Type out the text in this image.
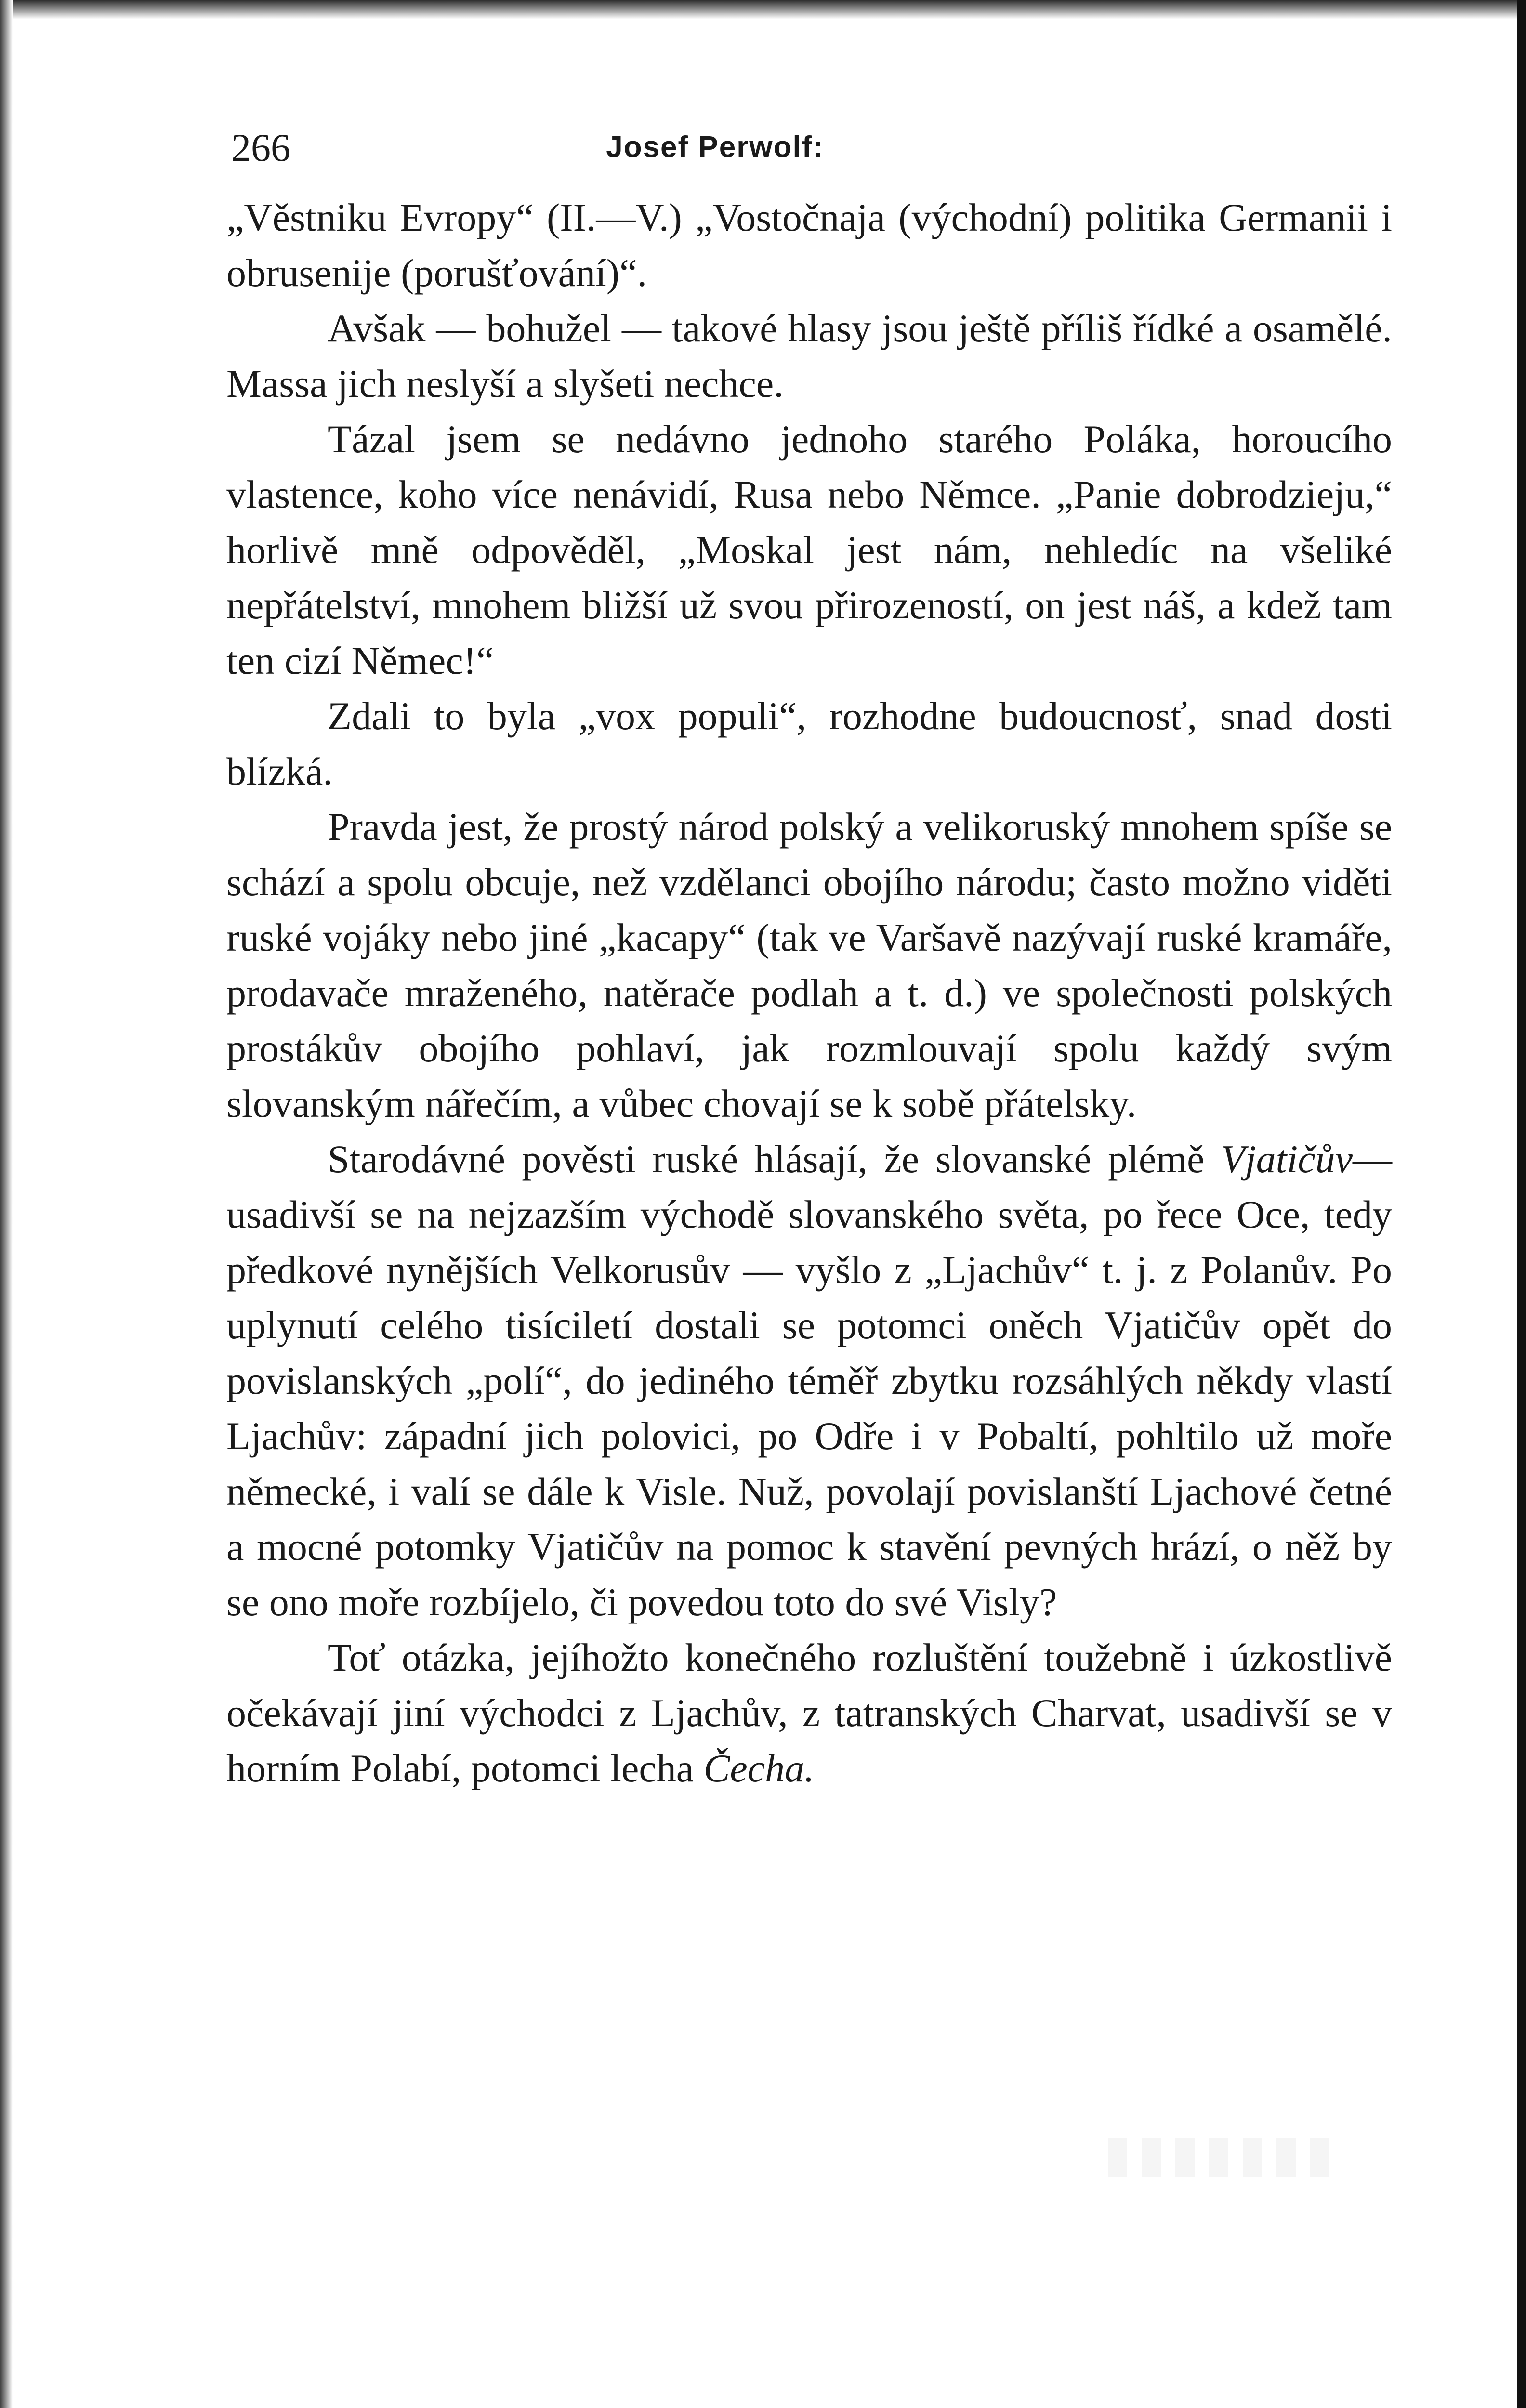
266	Josef Perwolf:

„Věstniku Evropy“ (II.—V.) „Vostočnaja (východní) politika Germanii i obrusenije (porušťování)“.

Avšak — bohužel — takové hlasy jsou ještě příliš řídké a osamělé. Massa jich neslyší a slyšeti nechce.

Tázal jsem se nedávno jednoho starého Poláka, horoucího vlastence, koho více nenávidí, Rusa nebo Němce. „Panie dobrodzieju,“ horlivě mně odpověděl, „Moskal jest nám, nehledíc na všeliké nepřátelství, mnohem bližší už svou přirozeností, on jest náš, a kdež tam ten cizí Němec!“

Zdali to byla „vox populi“, rozhodne budoucnosť, snad dosti blízká.

Pravda jest, že prostý národ polský a velikoruský mnohem spíše se schází a spolu obcuje, než vzdělanci obojího národu; často možno viděti ruské vojáky nebo jiné „kacapy“ (tak ve Varšavě nazývají ruské kramáře, prodavače mraženého, natěrače podlah a t. d.) ve společnosti polských prostákův obojího pohlaví, jak rozmlouvají spolu každý svým slovanským nářečím, a vůbec chovají se k sobě přátelsky.

Starodávné pověsti ruské hlásají, že slovanské plémě Vjatičův— usadivší se na nejzazším východě slovanského světa, po řece Oce, tedy předkové nynějších Velkorusův — vyšlo z „Ljachův“ t. j. z Polanův. Po uplynutí celého tisíciletí dostali se potomci oněch Vjatičův opět do povislanských „polí“, do jediného téměř zbytku rozsáhlých někdy vlastí Ljachův: západní jich polovici, po Odře i v Pobaltí, pohltilo už moře německé, i valí se dále k Visle. Nuž, povolají povislanští Ljachové četné a mocné potomky Vjatičův na pomoc k stavění pevných hrází, o něž by se ono moře rozbíjelo, či povedou toto do své Visly?

Toť otázka, jejíhožto konečného rozluštění toužebně i úzkostlivě očekávají jiní východci z Ljachův, z tatranských Charvat, usadivší se v horním Polabí, potomci lecha Čecha.
